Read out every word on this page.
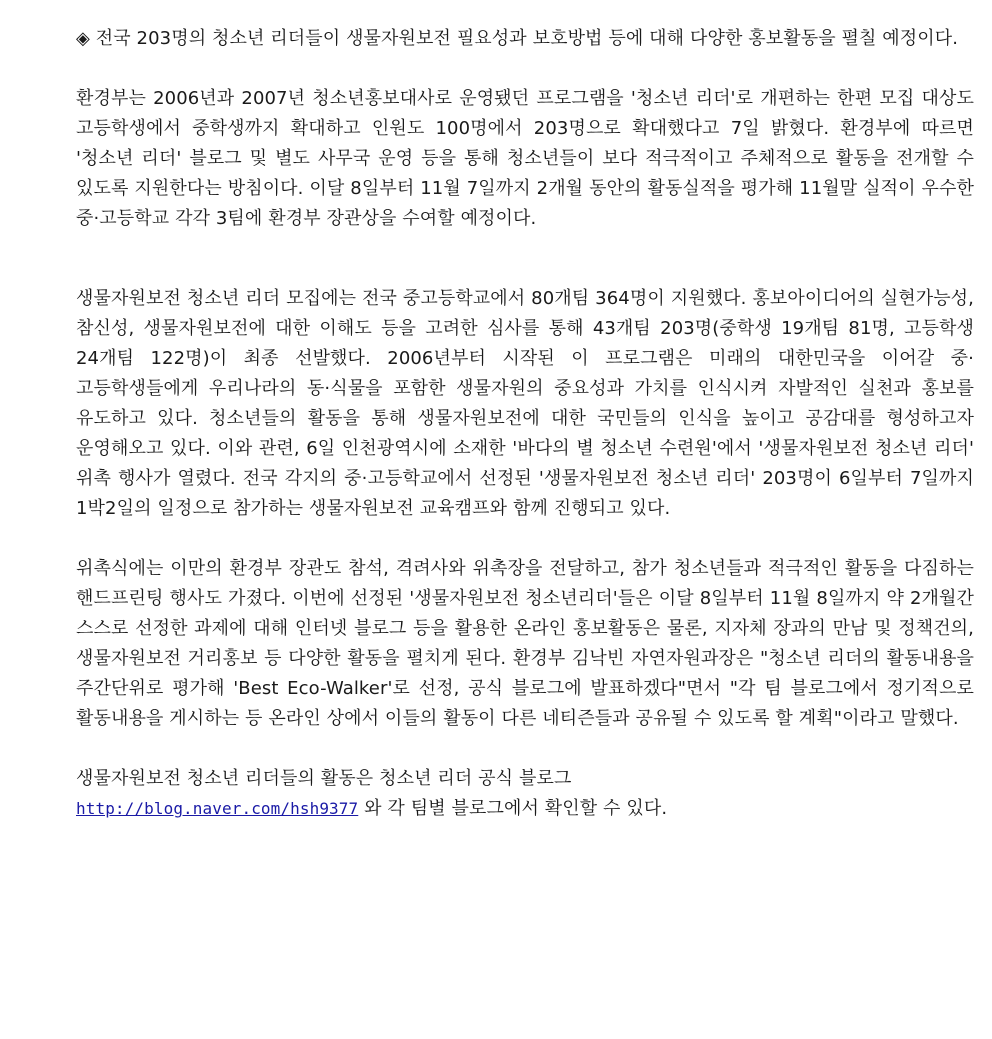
◈ 전국 203명의 청소년 리더들이 생물자원보전 필요성과 보호방법 등에 대해 다양한 홍보활동을 펼칠 예정이다.

환경부는 2006년과 2007년 청소년홍보대사로 운영됐던 프로그램을 '청소년 리더'로 개편하는 한편 모집 대상도 고등학생에서 중학생까지 확대하고 인원도 100명에서 203명으로 확대했다고 7일 밝혔다. 환경부에 따르면 '청소년 리더' 블로그 및 별도 사무국 운영 등을 통해 청소년들이 보다 적극적이고 주체적으로 활동을 전개할 수 있도록 지원한다는 방침이다. 이달 8일부터 11월 7일까지 2개월 동안의 활동실적을 평가해 11월말 실적이 우수한 중·고등학교 각각 3팀에 환경부 장관상을 수여할 예정이다.

생물자원보전 청소년 리더 모집에는 전국 중고등학교에서 80개팀 364명이 지원했다. 홍보아이디어의 실현가능성, 참신성, 생물자원보전에 대한 이해도 등을 고려한 심사를 통해 43개팀 203명(중학생 19개팀 81명, 고등학생 24개팀 122명)이 최종 선발했다. 2006년부터 시작된 이 프로그램은 미래의 대한민국을 이어갈 중·고등학생들에게 우리나라의 동·식물을 포함한 생물자원의 중요성과 가치를 인식시켜 자발적인 실천과 홍보를 유도하고 있다. 청소년들의 활동을 통해 생물자원보전에 대한 국민들의 인식을 높이고 공감대를 형성하고자 운영해오고 있다. 이와 관련, 6일 인천광역시에 소재한 '바다의 별 청소년 수련원'에서 '생물자원보전 청소년 리더' 위촉 행사가 열렸다. 전국 각지의 중·고등학교에서 선정된 '생물자원보전 청소년 리더' 203명이 6일부터 7일까지 1박2일의 일정으로 참가하는 생물자원보전 교육캠프와 함께 진행되고 있다.

위촉식에는 이만의 환경부 장관도 참석, 격려사와 위촉장을 전달하고, 참가 청소년들과 적극적인 활동을 다짐하는 핸드프린팅 행사도 가졌다. 이번에 선정된 '생물자원보전 청소년리더'들은 이달 8일부터 11월 8일까지 약 2개월간 스스로 선정한 과제에 대해 인터넷 블로그 등을 활용한 온라인 홍보활동은 물론, 지자체 장과의 만남 및 정책건의, 생물자원보전 거리홍보 등 다양한 활동을 펼치게 된다. 환경부 김낙빈 자연자원과장은 "청소년 리더의 활동내용을 주간단위로 평가해 'Best Eco-Walker'로 선정, 공식 블로그에 발표하겠다"면서 "각 팀 블로그에서 정기적으로 활동내용을 게시하는 등 온라인 상에서 이들의 활동이 다른 네티즌들과 공유될 수 있도록 할 계획"이라고 말했다.

생물자원보전 청소년 리더들의 활동은 청소년 리더 공식 블로그
http://blog.naver.com/hsh9377 와 각 팀별 블로그에서 확인할 수 있다.
